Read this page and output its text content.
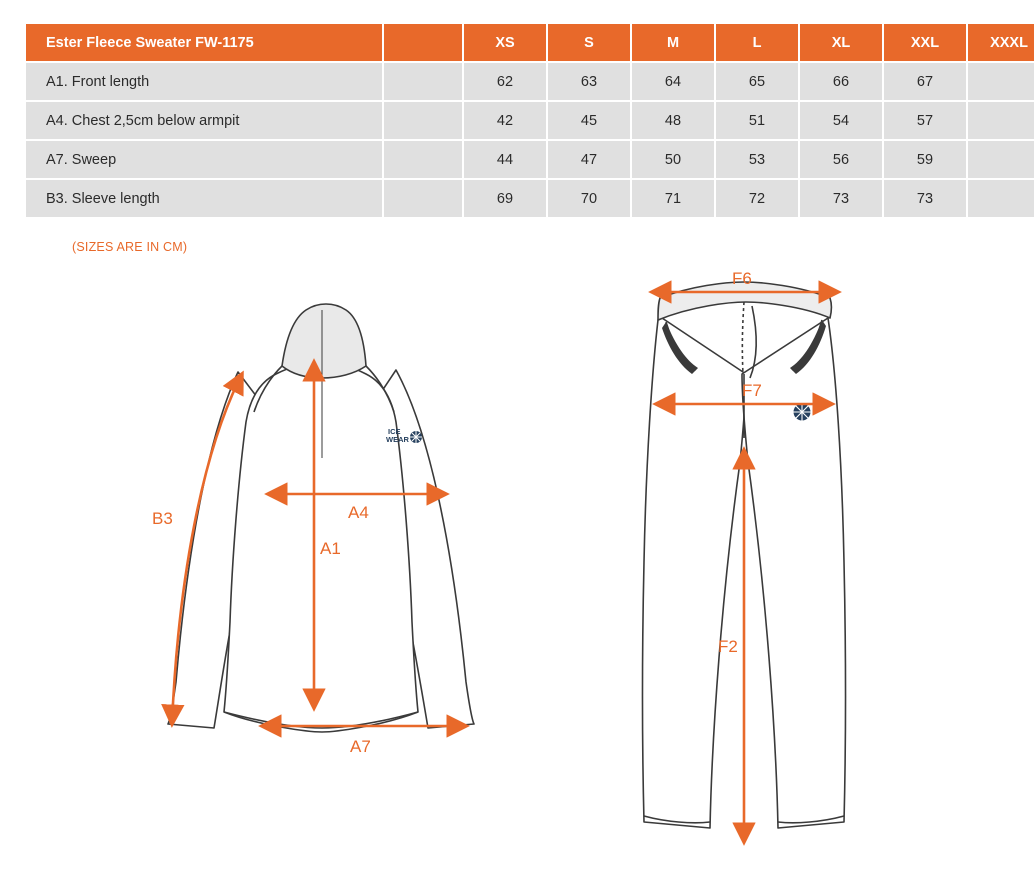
Ester Fleece Sweater FW-1175		XS	S	M	L	XL	XXL	XXXL
A1. Front length		62	63	64	65	66	67	
A4. Chest 2,5cm below armpit		42	45	48	51	54	57	
A7. Sweep		44	47	50	53	56	59	
B3. Sleeve length		69	70	71	72	73	73	
(SIZES ARE IN CM)
ICE
WEAR
B3	A4
A1
A7
F6
F7
F2
